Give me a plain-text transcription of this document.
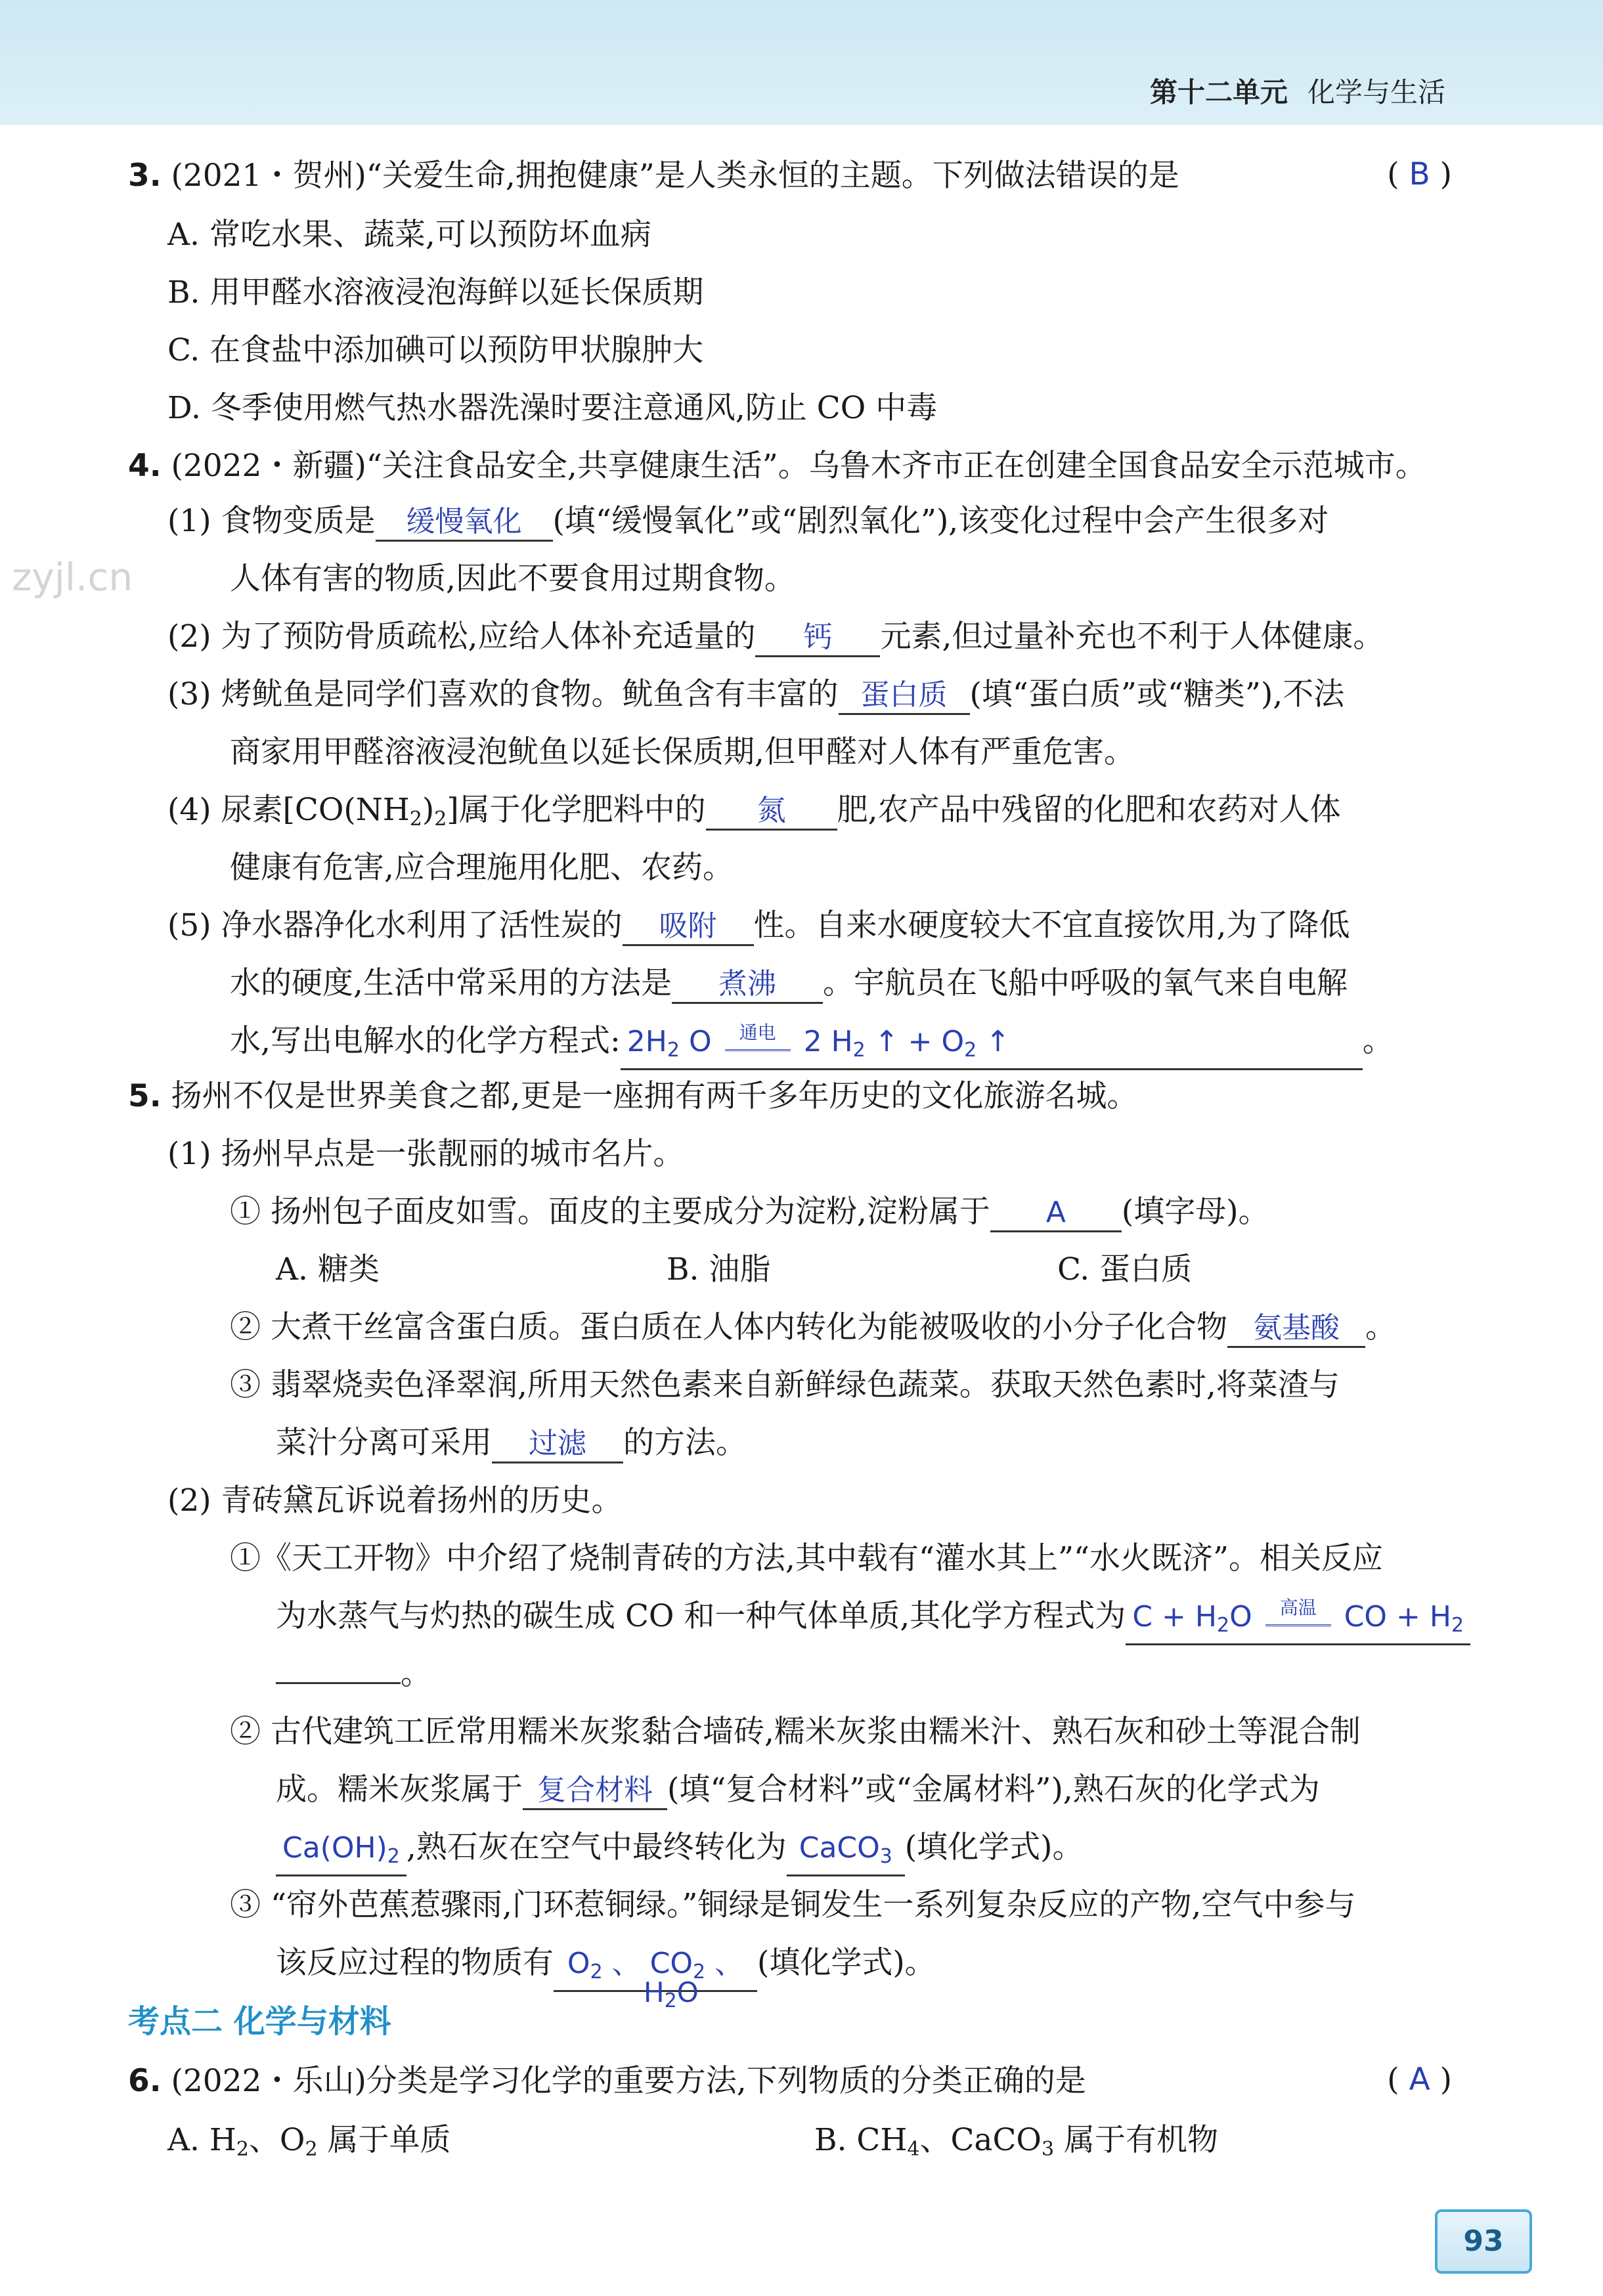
第十二单元 化学与生活
zyjl.cn
3. (2021・贺州)“关爱生命,拥抱健康”是人类永恒的主题。下列做法错误的是	( B )
A. 常吃水果、蔬菜,可以预防坏血病
B. 用甲醛水溶液浸泡海鲜以延长保质期
C. 在食盐中添加碘可以预防甲状腺肿大
D. 冬季使用燃气热水器洗澡时要注意通风,防止 CO 中毒
4. (2022・新疆)“关注食品安全,共享健康生活”。乌鲁木齐市正在创建全国食品安全示范城市。
(1) 食物变质是 缓慢氧化 (填“缓慢氧化”或“剧烈氧化”),该变化过程中会产生很多对
人体有害的物质,因此不要食用过期食物。
(2) 为了预防骨质疏松,应给人体补充适量的 钙 元素,但过量补充也不利于人体健康。
(3) 烤鱿鱼是同学们喜欢的食物。鱿鱼含有丰富的 蛋白质 (填“蛋白质”或“糖类”),不法
商家用甲醛溶液浸泡鱿鱼以延长保质期,但甲醛对人体有严重危害。
(4) 尿素$[CO(NH_2)_2]$属于化学肥料中的 氮 肥,农产品中残留的化肥和农药对人体
健康有危害,应合理施用化肥、农药。
(5) 净水器净化水利用了活性炭的 吸附 性。自来水硬度较大不宜直接饮用,为了降低
水的硬度,生活中常采用的方法是 煮沸 。宇航员在飞船中呼吸的氧气来自电解
水,写出电解水的化学方程式: $2H_2$ O	通电 2 $H_2$ ↑ + $O_2$ ↑	。
5. 扬州不仅是世界美食之都,更是一座拥有两千多年历史的文化旅游名城。
(1) 扬州早点是一张靓丽的城市名片。
① 扬州包子面皮如雪。面皮的主要成分为淀粉,淀粉属于 A (填字母)。
A. 糖类	B. 油脂	C. 蛋白质
② 大煮干丝富含蛋白质。蛋白质在人体内转化为能被吸收的小分子化合物 氨基酸 。
③ 翡翠烧卖色泽翠润,所用天然色素来自新鲜绿色蔬菜。获取天然色素时,将菜渣与
菜汁分离可采用 过滤 的方法。
(2) 青砖黛瓦诉说着扬州的历史。
①《天工开物》中介绍了烧制青砖的方法,其中载有“灌水其上”“水火既济”。相关反应
为水蒸气与灼热的碳生成 CO 和一种气体单质,其化学方程式为 $C + H_2O$	高温 CO + $H_2$
。
② 古代建筑工匠常用糯米灰浆黏合墙砖,糯米灰浆由糯米汁、熟石灰和砂土等混合制
成。糯米灰浆属于 复合材料 (填“复合材料”或“金属材料”),熟石灰的化学式为
$Ca(OH)_2$ ,熟石灰在空气中最终转化为 CaCO$_3$ (填化学式)。
③ “帘外芭蕉惹骤雨,门环惹铜绿。”铜绿是铜发生一系列复杂反应的产物,空气中参与
该反应过程的物质有 $O_2$ 、 $CO_2$ 、 (填化学式)。
$H_2O$
考点二 化学与材料
6. (2022・乐山)分类是学习化学的重要方法,下列物质的分类正确的是	( A )
A. $H_2$、$O_2$ 属于单质	B. $CH_4$、CaCO$_3$ 属于有机物
93
